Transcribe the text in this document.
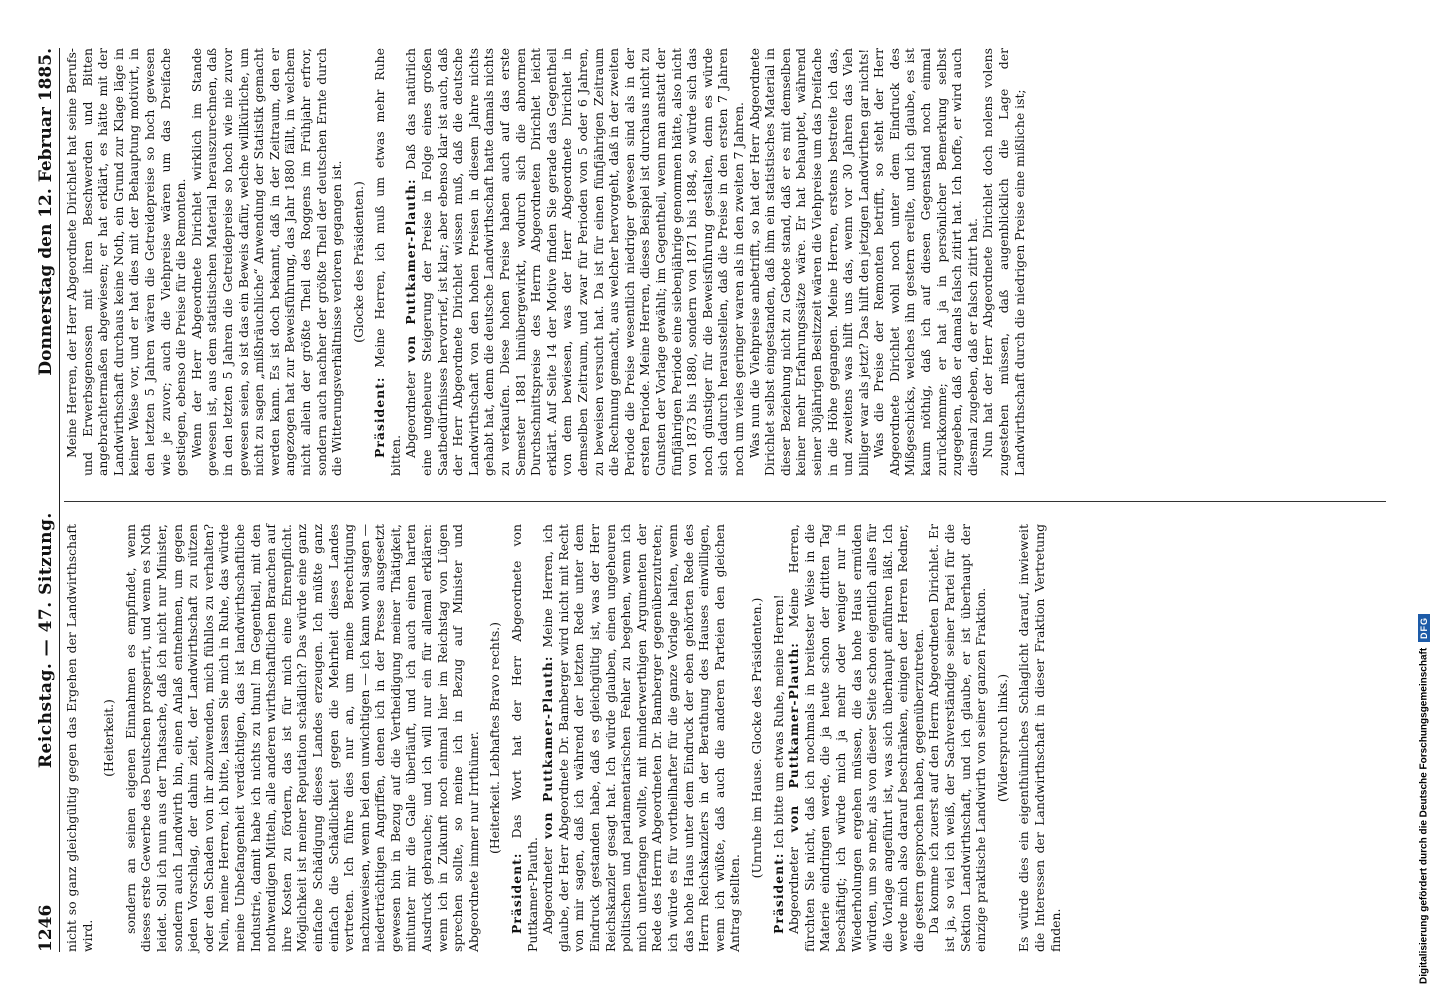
1246
Reichstag. — 47. Sitzung.
Donnerstag den 12. Februar 1885.

nicht so ganz gleichgültig gegen das Ergehen der Landwirthschaft wird.

(Heiterkeit.) sondern an seinen eigenen Einnahmen es empfindet, wenn dieses erste Gewerbe des Deutschen prosperirt, und wenn es Noth leidet. Soll ich nun aus der Thatsache, daß ich nicht nur Minister, sondern auch Landwirth bin, einen Anlaß entnehmen, um gegen jeden Vorschlag, der dahin zielt, der Landwirthschaft zu nützen oder den Schaden von ihr abzuwenden, mich fühllos zu verhalten? Nein, meine Herren, ich bitte, lassen Sie mich in Ruhe, das würde meine Unbefangenheit verdächtigen, das ist landwirthschaftliche Industrie, damit habe ich nichts zu thun! Im Gegentheil, mit den nothwendigen Mitteln, alle anderen wirthschaftlichen Branchen auf ihre Kosten zu fördern, das ist für mich eine Ehrenpflicht. Möglichkeit ist meiner Reputation schädlich? Das würde eine ganz einfache Schädigung dieses Landes erzeugen. Ich müßte ganz einfach die Schädlichkeit gegen die Mehrheit dieses Landes vertreten. Ich führe dies nur an, um meine Berechtigung nachzuweisen, wenn bei den unwichtigen — ich kann wohl sagen — niederträchtigen Angriffen, denen ich in der Presse ausgesetzt gewesen bin in Bezug auf die Vertheidigung meiner Thätigkeit, mitunter mir die Galle überläuft, und ich auch einen harten Ausdruck gebrauche; und ich will nur ein für allemal erklären: wenn ich in Zukunft noch einmal hier im Reichstag von Lügen sprechen sollte, so meine ich in Bezug auf Minister und Abgeordnete immer nur Irrthümer. (Heiterkeit. Lebhaftes Bravo rechts.)

Präsident: Das Wort hat der Herr Abgeordnete von Puttkamer-Plauth. Abgeordneter von Puttkamer-Plauth: Meine Herren, ich glaube, der Herr Abgeordnete Dr. Bamberger wird nicht mit Recht von mir sagen, daß ich während der letzten Rede unter dem Eindruck gestanden habe, daß es gleichgültig ist, was der Herr Reichskanzler gesagt hat. Ich würde glauben, einen ungeheuren politischen und parlamentarischen Fehler zu begehen, wenn ich mich unterfangen wollte, mit minderwerthigen Argumenten der Rede des Herrn Abgeordneten Dr. Bamberger gegenüberzutreten; ich würde es für vortheilhafter für die ganze Vorlage halten, wenn das hohe Haus unter dem Eindruck der eben gehörten Rede des Herrn Reichskanzlers in der Berathung des Hauses einwilligen, wenn ich wüßte, daß auch die anderen Parteien den gleichen Antrag stellten.

(Unruhe im Hause. Glocke des Präsidenten.)

Präsident: Ich bitte um etwas Ruhe, meine Herren!

Abgeordneter von Puttkamer-Plauth: Meine Herren, fürchten Sie nicht, daß ich nochmals in breitester Weise in die Materie eindringen werde, die ja heute schon der dritten Tag beschäftigt; ich würde mich ja mehr oder weniger nur in Wiederholungen ergehen müssen, die das hohe Haus ermüden würden, um so mehr, als von dieser Seite schon eigentlich alles für die Vorlage angeführt ist, was sich überhaupt anführen läßt. Ich werde mich also darauf beschränken, einigen der Herren Redner, die gestern gesprochen haben, gegenüberzutreten. Da komme ich zuerst auf den Herrn Abgeordneten Dirichlet. Er ist ja, so viel ich weiß, der Sachverständige seiner Partei für die Sektion Landwirthschaft, und ich glaube, er ist überhaupt der einzige praktische Landwirth von seiner ganzen Fraktion. (Widerspruch links.) Es würde dies ein eigenthümliches Schlaglicht darauf, inwieweit die Interessen der Landwirthschaft in dieser Fraktion Vertretung finden.

Meine Herren, der Herr Abgeordnete Dirichlet hat seine Berufs- und Erwerbsgenossen mit ihren Beschwerden und Bitten angebrachtermaßen abgewiesen; er hat erklärt, es hätte mit der Landwirthschaft durchaus keine Noth, ein Grund zur Klage läge in keiner Weise vor, und er hat dies mit der Behauptung motivirt, in den letzten 5 Jahren wären die Getreidepreise so hoch gewesen wie je zuvor; auch die Viehpreise wären um das Dreifache gestiegen, ebenso die Preise für die Remonten. Wenn der Herr Abgeordnete Dirichlet wirklich im Stande gewesen ist, aus dem statistischen Material herauszurechnen, daß in den letzten 5 Jahren die Getreidepreise so hoch wie nie zuvor gewesen seien, so ist das ein Beweis dafür, welche willkürliche, um nicht zu sagen „mißbräuchliche“ Anwendung der Statistik gemacht werden kann. Es ist doch bekannt, daß in der Zeitraum, den er angezogen hat zur Beweisführung, das Jahr 1880 fällt, in welchem nicht allein der größte Theil des Roggens im Frühjahr erfror, sondern auch nachher der größte Theil der deutschen Ernte durch die Witterungsverhältnisse verloren gegangen ist. (Glocke des Präsidenten.)

Präsident: Meine Herren, ich muß um etwas mehr Ruhe bitten. Abgeordneter von Puttkamer-Plauth: Daß das natürlich eine ungeheure Steigerung der Preise in Folge eines großen Saatbedürfnisses hervorrief, ist klar; aber ebenso klar ist auch, daß der Herr Abgeordnete Dirichlet wissen muß, daß die deutsche Landwirthschaft von den hohen Preisen in diesem Jahre nichts gehabt hat, denn die deutsche Landwirthschaft hatte damals nichts zu verkaufen. Diese hohen Preise haben auch auf das erste Semester 1881 hinübergewirkt, wodurch sich die abnormen Durchschnittspreise des Herrn Abgeordneten Dirichlet leicht erklärt. Auf Seite 14 der Motive finden Sie gerade das Gegentheil von dem bewiesen, was der Herr Abgeordnete Dirichlet in demselben Zeitraum, und zwar für Perioden von 5 oder 6 Jahren, zu beweisen versucht hat. Da ist für einen fünfjährigen Zeitraum die Rechnung gemacht, aus welcher hervorgeht, daß in der zweiten Periode die Preise wesentlich niedriger gewesen sind als in der ersten Periode. Meine Herren, dieses Beispiel ist durchaus nicht zu Gunsten der Vorlage gewählt; im Gegentheil, wenn man anstatt der fünfjährigen Periode eine siebenjährige genommen hätte, also nicht von 1873 bis 1880, sondern von 1871 bis 1884, so würde sich das noch günstiger für die Beweisführung gestalten, denn es würde sich dadurch herausstellen, daß die Preise in den ersten 7 Jahren noch um vieles geringer waren als in den zweiten 7 Jahren. Was nun die Viehpreise anbetrifft, so hat der Herr Abgeordnete Dirichlet selbst eingestanden, daß ihm ein statistisches Material in dieser Beziehung nicht zu Gebote stand, daß er es mit demselben keiner mehr Erfahrungssätze wäre. Er hat behauptet, während seiner 30jährigen Besitzzeit wären die Viehpreise um das Dreifache in die Höhe gegangen. Meine Herren, erstens bestreite ich das, und zweitens was hilft uns das, wenn vor 30 Jahren das Vieh billiger war als jetzt? Das hilft den jetzigen Landwirthen gar nichts! Was die Preise der Remonten betrifft, so steht der Herr Abgeordnete Dirichlet wohl noch unter dem Eindruck des Mißgeschicks, welches ihn gestern ereilte, und ich glaube, es ist kaum nöthig, daß ich auf diesen Gegenstand noch einmal zurückkomme; er hat ja in persönlicher Bemerkung selbst zugegeben, daß er damals falsch zitirt hat. Ich hoffe, er wird auch diesmal zugeben, daß er falsch zitirt hat. Nun hat der Herr Abgeordnete Dirichlet doch nolens volens zugestehen müssen, daß augenblicklich die Lage der Landwirthschaft durch die niedrigen Preise eine mißliche ist;

Digitalisierung gefördert durch die Deutsche Forschungsgemeinschaft
DFG
